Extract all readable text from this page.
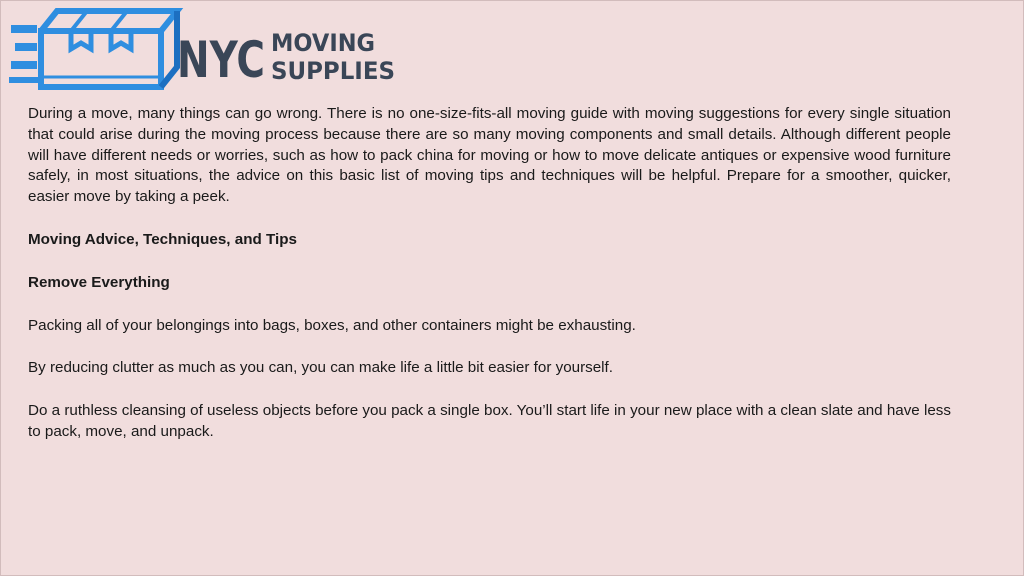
NYC MOVING
SUPPLIES

During a move, many things can go wrong. There is no one-size-fits-all moving guide with moving suggestions for every single situation that could arise during the moving process because there are so many moving components and small details. Although different people will have different needs or worries, such as how to pack china for moving or how to move delicate antiques or expensive wood furniture safely, in most situations, the advice on this basic list of moving tips and techniques will be helpful. Prepare for a smoother, quicker, easier move by taking a peek.

Moving Advice, Techniques, and Tips

Remove Everything

Packing all of your belongings into bags, boxes, and other containers might be exhausting.

By reducing clutter as much as you can, you can make life a little bit easier for yourself.

Do a ruthless cleansing of useless objects before you pack a single box. You’ll start life in your new place with a clean slate and have less to pack, move, and unpack.
